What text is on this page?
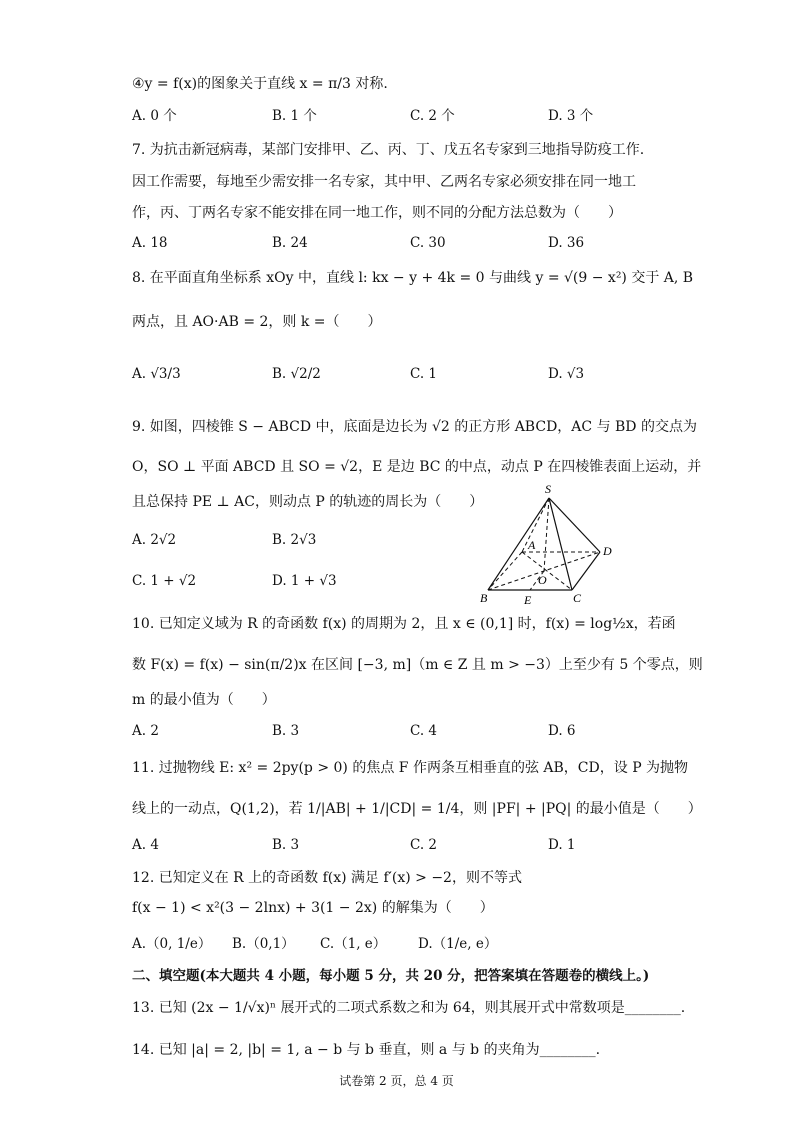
④y = f(x)的图象关于直线 x = π/3 对称.
A. 0 个	B. 1 个	C. 2 个	D. 3 个
7. 为抗击新冠病毒，某部门安排甲、乙、丙、丁、戊五名专家到三地指导防疫工作.
因工作需要，每地至少需安排一名专家，其中甲、乙两名专家必须安排在同一地工
作，丙、丁两名专家不能安排在同一地工作，则不同的分配方法总数为（　　）
A. 18	B. 24	C. 30	D. 36
8. 在平面直角坐标系 xOy 中，直线 l: kx − y + 4k = 0 与曲线 y = √(9 − x²) 交于 A, B
两点，且 AO·AB = 2，则 k =（　　）
A. √3/3	B. √2/2	C. 1	D. √3
9. 如图，四棱锥 S − ABCD 中，底面是边长为 √2 的正方形 ABCD，AC 与 BD 的交点为
O，SO ⊥ 平面 ABCD 且 SO = √2，E 是边 BC 的中点，动点 P 在四棱锥表面上运动，并
且总保持 PE ⊥ AC，则动点 P 的轨迹的周长为（　　）
A. 2√2	B. 2√3
C. 1 + √2	D. 1 + √3
S
A	D
O
B	E	C
10. 已知定义域为 R 的奇函数 f(x) 的周期为 2，且 x ∈ (0,1] 时，f(x) = log½x，若函
数 F(x) = f(x) − sin(π/2)x 在区间 [−3, m]（m ∈ Z 且 m > −3）上至少有 5 个零点，则
m 的最小值为（　　）
A. 2	B. 3	C. 4	D. 6
11. 过抛物线 E: x² = 2py(p > 0) 的焦点 F 作两条互相垂直的弦 AB，CD，设 P 为抛物
线上的一动点，Q(1,2)，若 1/|AB| + 1/|CD| = 1/4，则 |PF| + |PQ| 的最小值是（　　）
A. 4	B. 3	C. 2	D. 1
12. 已知定义在 R 上的奇函数 f(x) 满足 f′(x) > −2，则不等式
f(x − 1) < x²(3 − 2lnx) + 3(1 − 2x) 的解集为（　　）
A.（0, 1/e） B.（0,1） C.（1, e） D.（1/e, e）
二、填空题(本大题共 4 小题，每小题 5 分，共 20 分，把答案填在答题卷的横线上。)
13. 已知 (2x − 1/√x)ⁿ 展开式的二项式系数之和为 64，则其展开式中常数项是________.
14. 已知 |a| = 2, |b| = 1, a − b 与 b 垂直，则 a 与 b 的夹角为________.
试卷第 2 页，总 4 页
